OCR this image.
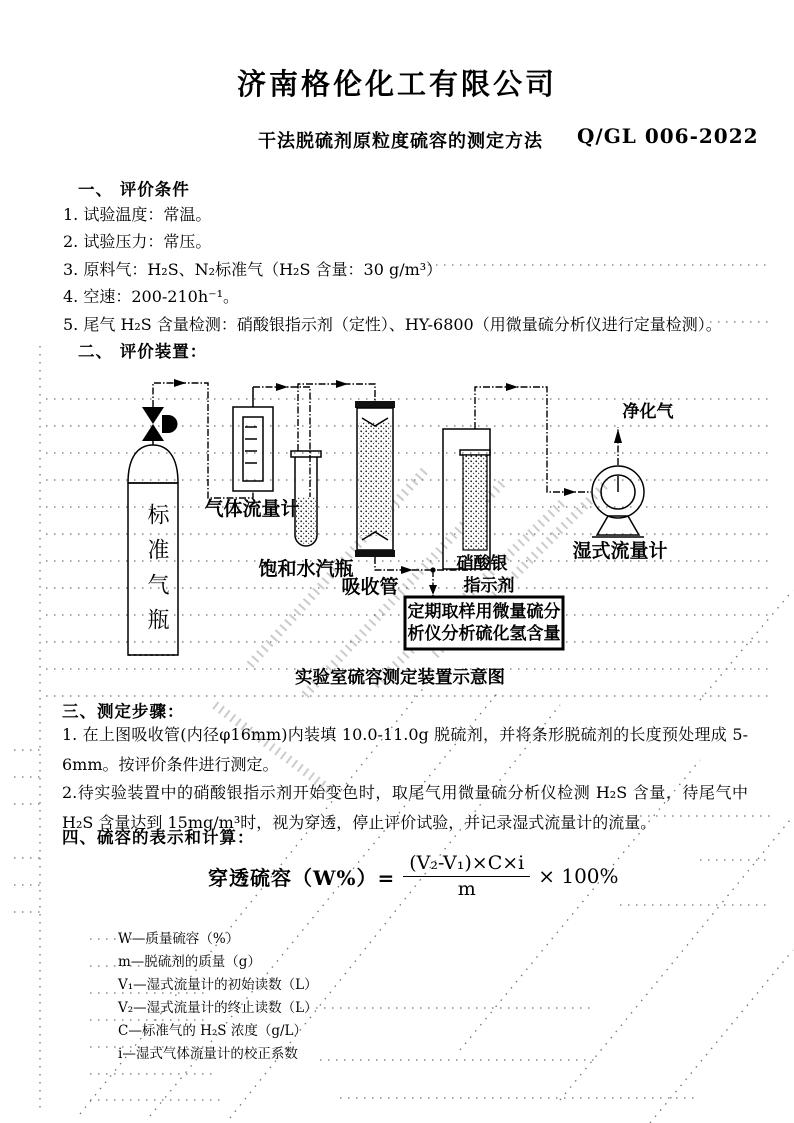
济南格伦化工有限公司
干法脱硫剂原粒度硫容的测定方法 Q/GL 006-2022
一、 评价条件
1. 试验温度：常温。
2. 试验压力：常压。
3. 原料气：H₂S、N₂标准气（H₂S 含量：30 g/m³）
4. 空速：200-210h⁻¹。
5. 尾气 H₂S 含量检测：硝酸银指示剂（定性）、HY-6800（用微量硫分析仪进行定量检测）。
二、 评价装置：
气体流量计
饱和水汽瓶
吸收管
硝酸银
指示剂
湿式流量计
净化气
定期取样用微量硫分
析仪分析硫化氢含量
实验室硫容测定装置示意图
标准气瓶
三、测定步骤：
1. 在上图吸收管(内径φ16mm)内装填 10.0-11.0g 脱硫剂，并将条形脱硫剂的长度预处理成 5-6mm。按评价条件进行测定。
2.待实验装置中的硝酸银指示剂开始变色时，取尾气用微量硫分析仪检测 H₂S 含量，待尾气中 H₂S 含量达到 15mg/m³时，视为穿透，停止评价试验，并记录湿式流量计的流量。
四、硫容的表示和计算：
穿透硫容$(W\%)= \frac{\text{(V₂-V₁)×C×i}}{m} \times 100\%$
W—质量硫容（%）
m—脱硫剂的质量（g）
V₁—湿式流量计的初始读数（L）
V₂—湿式流量计的终止读数（L）
C—标准气的 H₂S 浓度（g/L）
i—湿式气体流量计的校正系数
